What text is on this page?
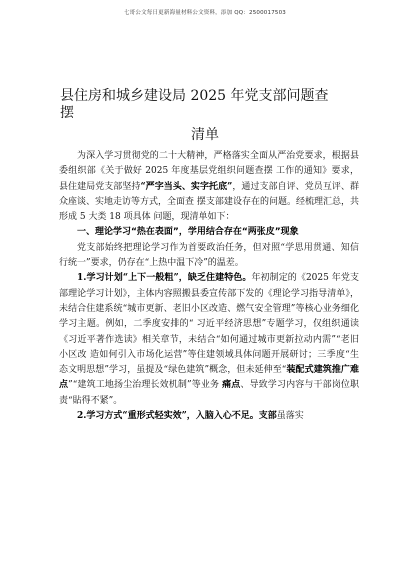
七哥公文每日更新海量材料公文资料，添加 QQ：2500017503
县住房和城乡建设局 2025 年党支部问题查
摆
清单

为深入学习贯彻党的二十大精神，严格落实全面从严治党要求，根据县委组织部《关于做好 2025 年度基层党组织问题查摆 工作的通知》要求，县住建局党支部坚持“严字当头、实字托底”，通过支部自评、党员互评、群众座谈、实地走访等方式，全面查 摆支部建设存在的问题。经梳理汇总，共形成 5 大类 18 项具体 问题，现清单如下：

一、理论学习“热在表面”，学用结合存在“两张皮”现象

党支部始终把理论学习作为首要政治任务，但对照“学思用贯通、知信行统一”要求，仍存在“上热中温下冷”的温差。

1.学习计划“上下一般粗”，缺乏住建特色。年初制定的《2025 年党支部理论学习计划》，主体内容照搬县委宣传部下发的《理论学习指导清单》，未结合住建系统“城市更新、老旧小区改造、燃气安全管理”等核心业务细化学习主题。例如，二季度安排的“ 习近平经济思想”专题学习，仅组织通读《习近平著作选读》相关章节，未结合“如何通过城市更新拉动内需”“老旧小区改 造如何引入市场化运营”等住建领域具体问题开展研讨；三季度“生态文明思想”学习，虽提及“绿色建筑”概念，但未延伸至“装配式建筑推广难点”“建筑工地扬尘治理长效机制”等业务 痛点、导致学习内容与干部岗位职责“貼得不紧”。

2.学习方式“重形式轻实效”，入脑入心不足。支部虽落实
